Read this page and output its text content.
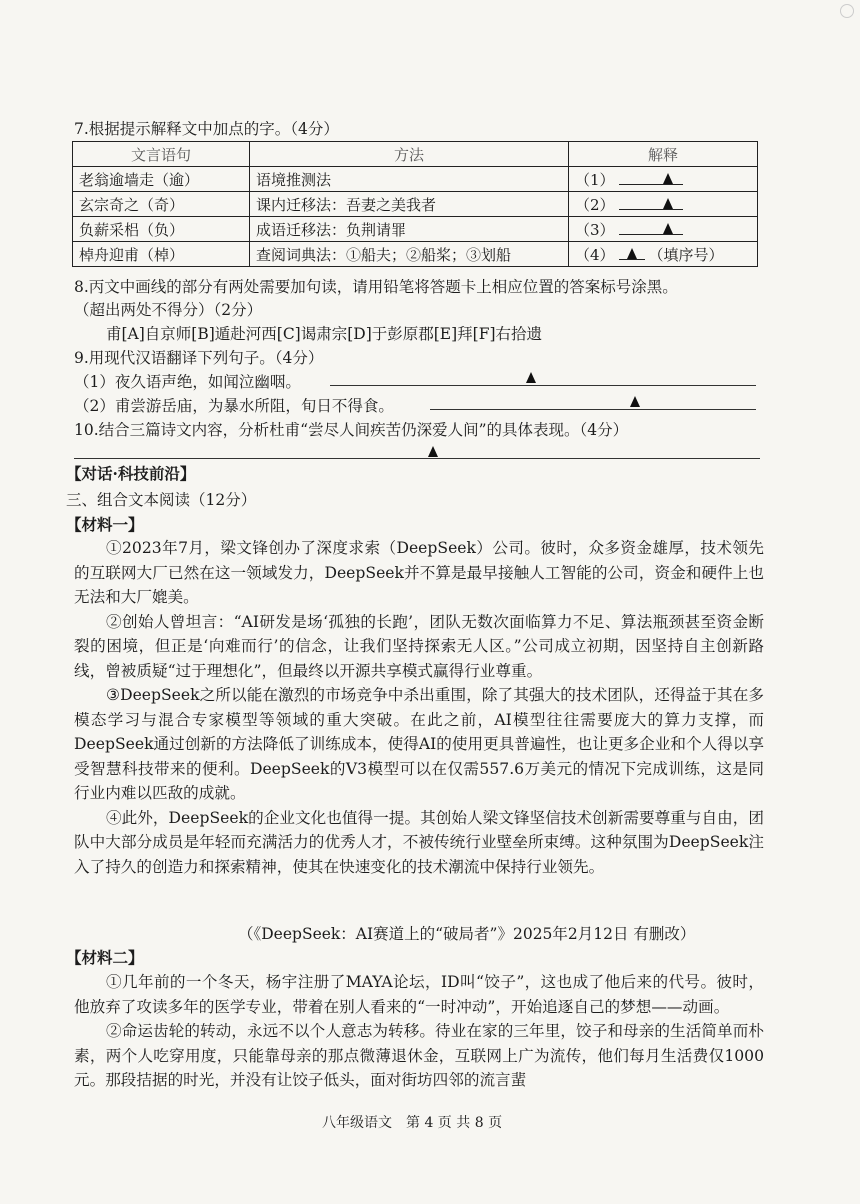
7.根据提示解释文中加点的字。（4分）
文言语句	方法	解释
老翁逾墙走（逾）	语境推测法	（1）

玄宗奇之（奇）	课内迁移法：吾妻之美我者	（2）

负薪采梠（负）	成语迁移法：负荆请罪	（3）

棹舟迎甫（棹）	查阅词典法：①船夫；②船桨；③划船	（4） （填序号）
8.丙文中画线的部分有两处需要加句读，请用铅笔将答题卡上相应位置的答案标号涂黑。
（超出两处不得分）（2分）
甫[A]自京师[B]遁赴河西[C]谒肃宗[D]于彭原郡[E]拜[F]右拾遗
9.用现代汉语翻译下列句子。（4分）
（1）夜久语声绝，如闻泣幽咽。
（2）甫尝游岳庙，为暴水所阻，旬日不得食。
10.结合三篇诗文内容，分析杜甫“尝尽人间疾苦仍深爱人间”的具体表现。（4分）
【对话·科技前沿】
三、组合文本阅读（12分）
【材料一】

①2023年7月，梁文锋创办了深度求索（DeepSeek）公司。彼时，众多资金雄厚，技术领先的互联网大厂已然在这一领域发力，DeepSeek并不算是最早接触人工智能的公司，资金和硬件上也无法和大厂媲美。

②创始人曾坦言：“AI研发是场‘孤独的长跑’，团队无数次面临算力不足、算法瓶颈甚至资金断裂的困境，但正是‘向难而行’的信念，让我们坚持探索无人区。”公司成立初期，因坚持自主创新路线，曾被质疑“过于理想化”，但最终以开源共享模式赢得行业尊重。

③DeepSeek之所以能在激烈的市场竞争中杀出重围，除了其强大的技术团队，还得益于其在多模态学习与混合专家模型等领域的重大突破。在此之前，AI模型往往需要庞大的算力支撑，而DeepSeek通过创新的方法降低了训练成本，使得AI的使用更具普遍性，也让更多企业和个人得以享受智慧科技带来的便利。DeepSeek的V3模型可以在仅需557.6万美元的情况下完成训练，这是同行业内难以匹敌的成就。

④此外，DeepSeek的企业文化也值得一提。其创始人梁文锋坚信技术创新需要尊重与自由，团队中大部分成员是年轻而充满活力的优秀人才，不被传统行业壁垒所束缚。这种氛围为DeepSeek注入了持久的创造力和探索精神，使其在快速变化的技术潮流中保持行业领先。

（《DeepSeek：AI赛道上的“破局者”》2025年2月12日 有删改）
【材料二】

①几年前的一个冬天，杨宇注册了MAYA论坛，ID叫“饺子”，这也成了他后来的代号。彼时，他放弃了攻读多年的医学专业，带着在别人看来的“一时冲动”，开始追逐自己的梦想——动画。

②命运齿轮的转动，永远不以个人意志为转移。待业在家的三年里，饺子和母亲的生活简单而朴素，两个人吃穿用度，只能靠母亲的那点微薄退休金，互联网上广为流传，他们每月生活费仅1000元。那段拮据的时光，并没有让饺子低头，面对街坊四邻的流言蜚

八年级语文　第 4 页 共 8 页
